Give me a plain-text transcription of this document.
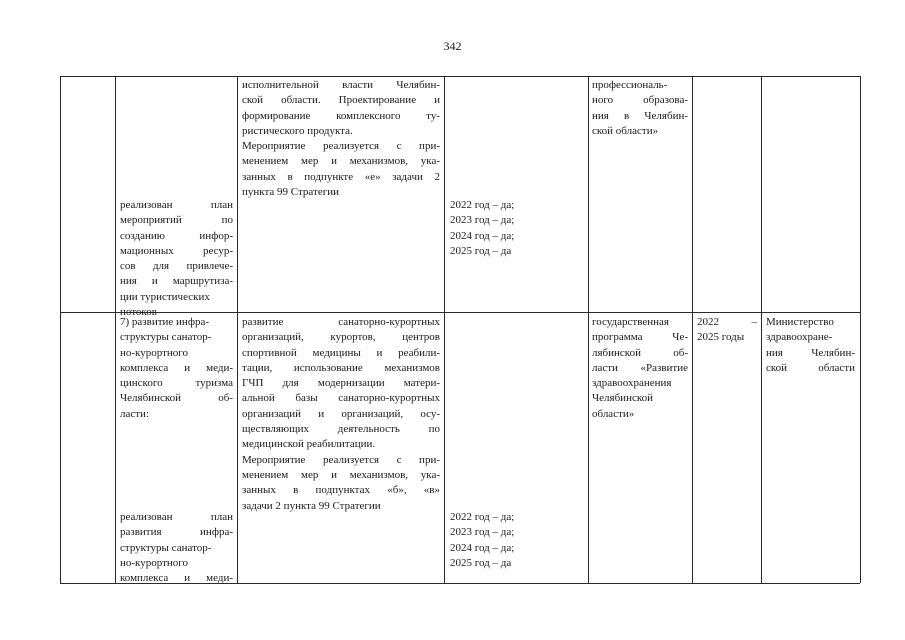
342
исполнительной власти Челябин-
ской области. Проектирование и
формирование комплексного ту-
ристического продукта.
Мероприятие реализуется с при-
менением мер и механизмов, ука-
занных в подпункте «е» задачи 2
пункта 99 Стратегии
профессиональ-
ного образова-
ния в Челябин-
ской области»
реализован план
мероприятий по
созданию инфор-
мационных ресур-
сов для привлече-
ния и маршрутиза-
ции туристических
потоков
2022 год – да;
2023 год – да;
2024 год – да;
2025 год – да
7) развитие инфра-
структуры санатор-
но-курортного
комплекса и меди-
цинского туризма
Челябинской об-
ласти:
развитие санаторно-курортных
организаций, курортов, центров
спортивной медицины и реабили-
тации, использование механизмов
ГЧП для модернизации матери-
альной базы санаторно-курортных
организаций и организаций, осу-
ществляющих деятельность по
медицинской реабилитации.
Мероприятие реализуется с при-
менением мер и механизмов, ука-
занных в подпунктах «б», «в»
задачи 2 пункта 99 Стратегии
государственная
программа Че-
лябинской об-
ласти «Развитие
здравоохранения
Челябинской
области»
2022 –
2025 годы
Министерство
здравоохране-
ния Челябин-
ской области
реализован план
развития инфра-
структуры санатор-
но-курортного
комплекса и меди-
2022 год – да;
2023 год – да;
2024 год – да;
2025 год – да
